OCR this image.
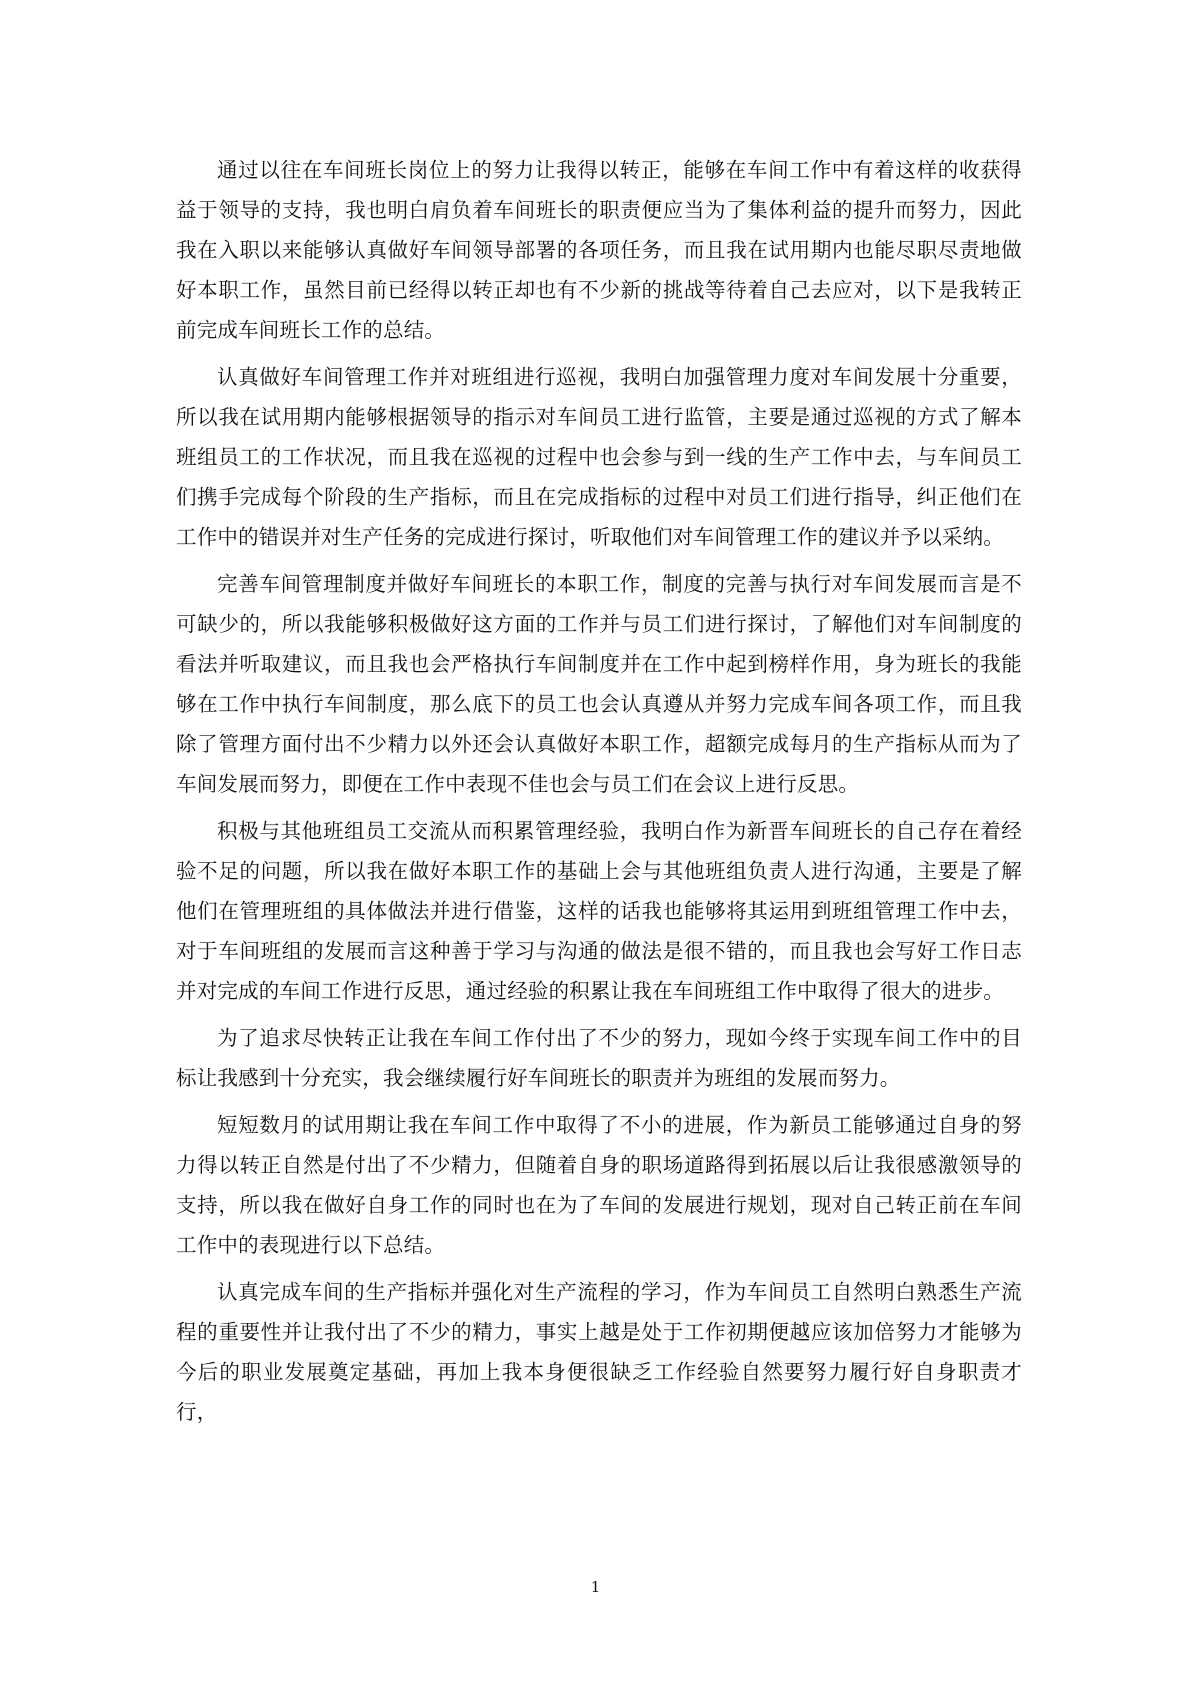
通过以往在车间班长岗位上的努力让我得以转正，能够在车间工作中有着这样的收获得益于领导的支持，我也明白肩负着车间班长的职责便应当为了集体利益的提升而努力，因此我在入职以来能够认真做好车间领导部署的各项任务，而且我在试用期内也能尽职尽责地做好本职工作，虽然目前已经得以转正却也有不少新的挑战等待着自己去应对，以下是我转正前完成车间班长工作的总结。

认真做好车间管理工作并对班组进行巡视，我明白加强管理力度对车间发展十分重要，所以我在试用期内能够根据领导的指示对车间员工进行监管，主要是通过巡视的方式了解本班组员工的工作状况，而且我在巡视的过程中也会参与到一线的生产工作中去，与车间员工们携手完成每个阶段的生产指标，而且在完成指标的过程中对员工们进行指导，纠正他们在工作中的错误并对生产任务的完成进行探讨，听取他们对车间管理工作的建议并予以采纳。

完善车间管理制度并做好车间班长的本职工作，制度的完善与执行对车间发展而言是不可缺少的，所以我能够积极做好这方面的工作并与员工们进行探讨，了解他们对车间制度的看法并听取建议，而且我也会严格执行车间制度并在工作中起到榜样作用，身为班长的我能够在工作中执行车间制度，那么底下的员工也会认真遵从并努力完成车间各项工作，而且我除了管理方面付出不少精力以外还会认真做好本职工作，超额完成每月的生产指标从而为了车间发展而努力，即便在工作中表现不佳也会与员工们在会议上进行反思。

积极与其他班组员工交流从而积累管理经验，我明白作为新晋车间班长的自己存在着经验不足的问题，所以我在做好本职工作的基础上会与其他班组负责人进行沟通，主要是了解他们在管理班组的具体做法并进行借鉴，这样的话我也能够将其运用到班组管理工作中去，对于车间班组的发展而言这种善于学习与沟通的做法是很不错的，而且我也会写好工作日志并对完成的车间工作进行反思，通过经验的积累让我在车间班组工作中取得了很大的进步。

为了追求尽快转正让我在车间工作付出了不少的努力，现如今终于实现车间工作中的目标让我感到十分充实，我会继续履行好车间班长的职责并为班组的发展而努力。

短短数月的试用期让我在车间工作中取得了不小的进展，作为新员工能够通过自身的努力得以转正自然是付出了不少精力，但随着自身的职场道路得到拓展以后让我很感激领导的支持，所以我在做好自身工作的同时也在为了车间的发展进行规划，现对自己转正前在车间工作中的表现进行以下总结。

认真完成车间的生产指标并强化对生产流程的学习，作为车间员工自然明白熟悉生产流程的重要性并让我付出了不少的精力，事实上越是处于工作初期便越应该加倍努力才能够为今后的职业发展奠定基础，再加上我本身便很缺乏工作经验自然要努力履行好自身职责才行，

1
